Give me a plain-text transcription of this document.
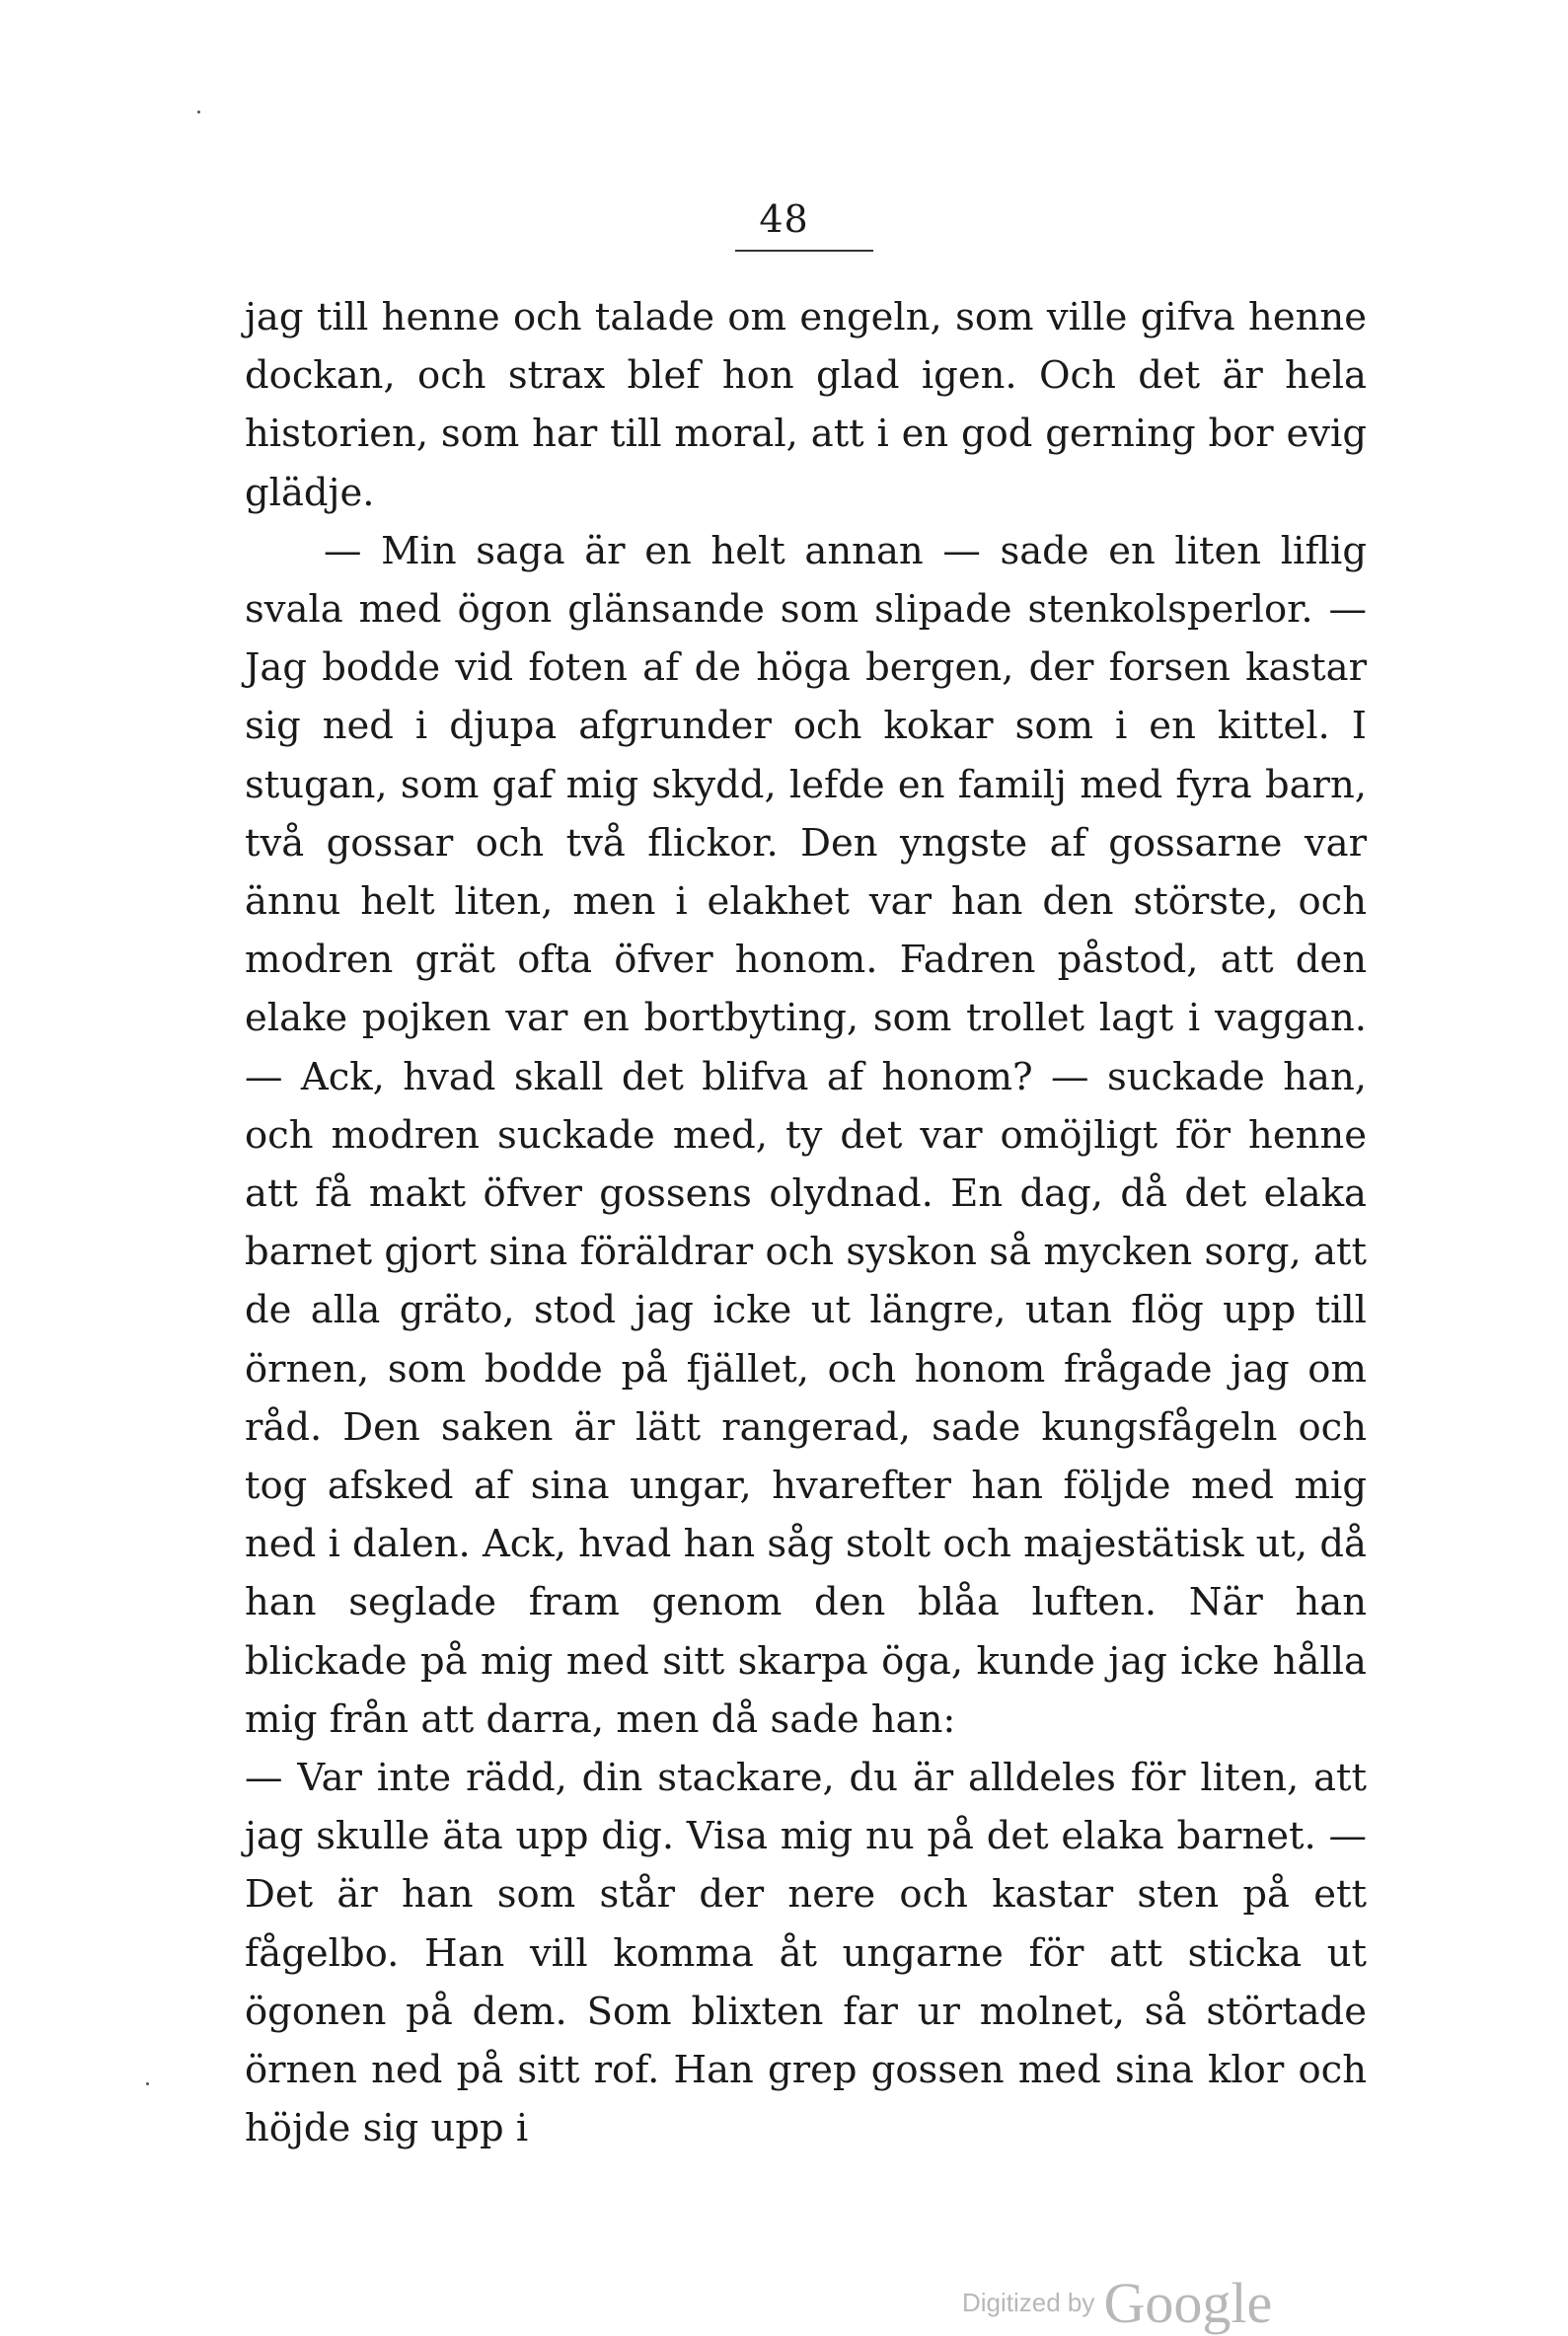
48

jag till henne och talade om engeln, som ville gifva henne dockan, och strax blef hon glad igen. Och det är hela historien, som har till moral, att i en god gerning bor evig glädje.

— Min saga är en helt annan — sade en liten liflig svala med ögon glänsande som slipade stenkolsperlor. — Jag bodde vid foten af de höga bergen, der forsen kastar sig ned i djupa afgrunder och kokar som i en kittel. I stugan, som gaf mig skydd, lefde en familj med fyra barn, två gossar och två flickor. Den yngste af gossarne var ännu helt liten, men i elakhet var han den störste, och modren grät ofta öfver honom. Fadren påstod, att den elake pojken var en bortbyting, som trollet lagt i vaggan. — Ack, hvad skall det blifva af honom? — suckade han, och modren suckade med, ty det var omöjligt för henne att få makt öfver gossens olydnad. En dag, då det elaka barnet gjort sina föräldrar och syskon så mycken sorg, att de alla gräto, stod jag icke ut längre, utan flög upp till örnen, som bodde på fjället, och honom frågade jag om råd. Den saken är lätt rangerad, sade kungsfågeln och tog afsked af sina ungar, hvarefter han följde med mig ned i dalen. Ack, hvad han såg stolt och majestätisk ut, då han seglade fram genom den blåa luften. När han blickade på mig med sitt skarpa öga, kunde jag icke hålla mig från att darra, men då sade han:

— Var inte rädd, din stackare, du är alldeles för liten, att jag skulle äta upp dig. Visa mig nu på det elaka barnet. — Det är han som står der nere och kastar sten på ett fågelbo. Han vill komma åt ungarne för att sticka ut ögonen på dem. Som blixten far ur molnet, så störtade örnen ned på sitt rof. Han grep gossen med sina klor och höjde sig upp i

Digitized by Google
